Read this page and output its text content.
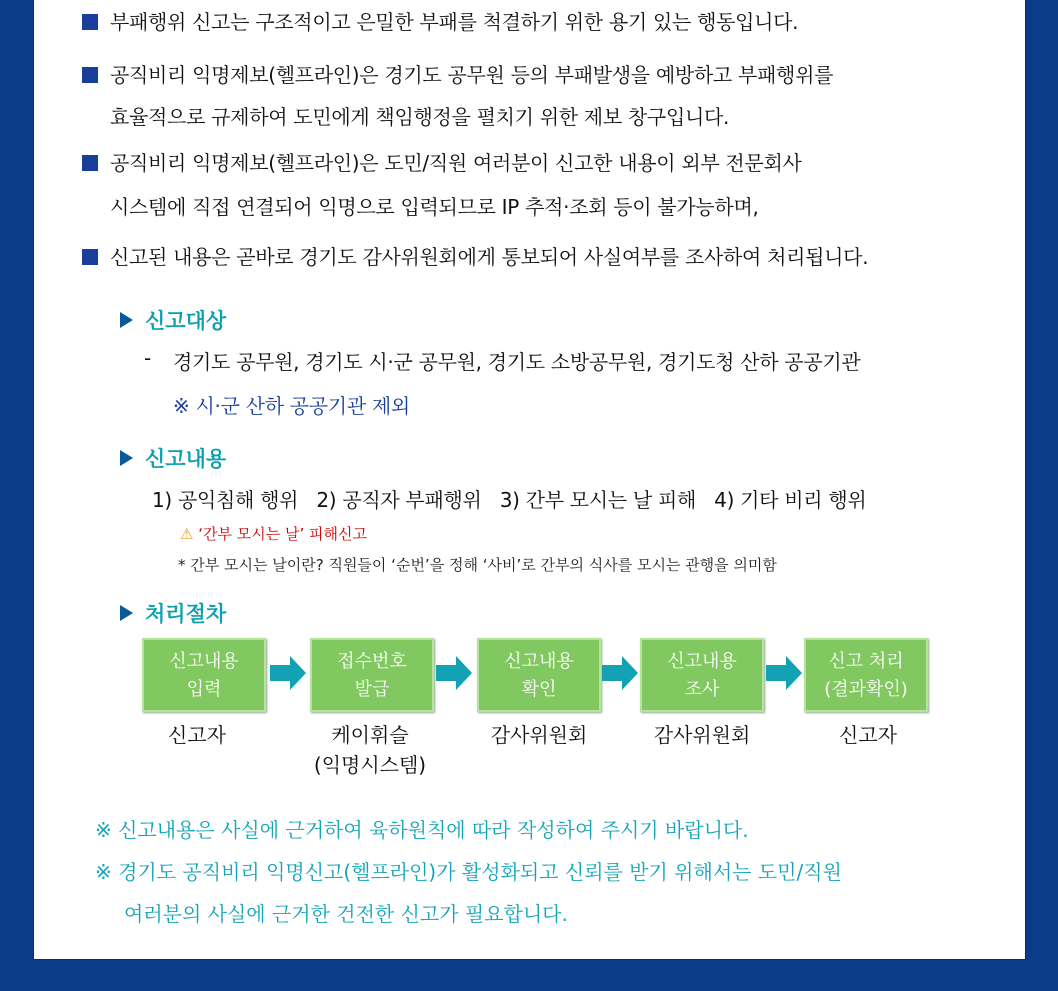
부패행위 신고는 구조적이고 은밀한 부패를 척결하기 위한 용기 있는 행동입니다.
공직비리 익명제보(헬프라인)은 경기도 공무원 등의 부패발생을 예방하고 부패행위를
효율적으로 규제하여 도민에게 책임행정을 펼치기 위한 제보 창구입니다.
공직비리 익명제보(헬프라인)은 도민/직원 여러분이 신고한 내용이 외부 전문회사
시스템에 직접 연결되어 익명으로 입력되므로 IP 추적·조회 등이 불가능하며,
신고된 내용은 곧바로 경기도 감사위원회에게 통보되어 사실여부를 조사하여 처리됩니다.
신고대상
- 경기도 공무원, 경기도 시·군 공무원, 경기도 소방공무원, 경기도청 산하 공공기관
※ 시·군 산하 공공기관 제외
신고내용
1) 공익침해 행위   2) 공직자 부패행위   3) 간부 모시는 날 피해   4) 기타 비리 행위
⚠ ‘간부 모시는 날’ 피해신고
* 간부 모시는 날이란? 직원들이 ‘순번’을 정해 ‘사비’로 간부의 식사를 모시는 관행을 의미함
처리절차
신고내용
입력
접수번호
발급
신고내용
확인
신고내용
조사
신고 처리
(결과확인)
신고자	케이휘슬
(익명시스템)
감사위원회	감사위원회	신고자
※ 신고내용은 사실에 근거하여 육하원칙에 따라 작성하여 주시기 바랍니다.
※ 경기도 공직비리 익명신고(헬프라인)가 활성화되고 신뢰를 받기 위해서는 도민/직원
여러분의 사실에 근거한 건전한 신고가 필요합니다.
